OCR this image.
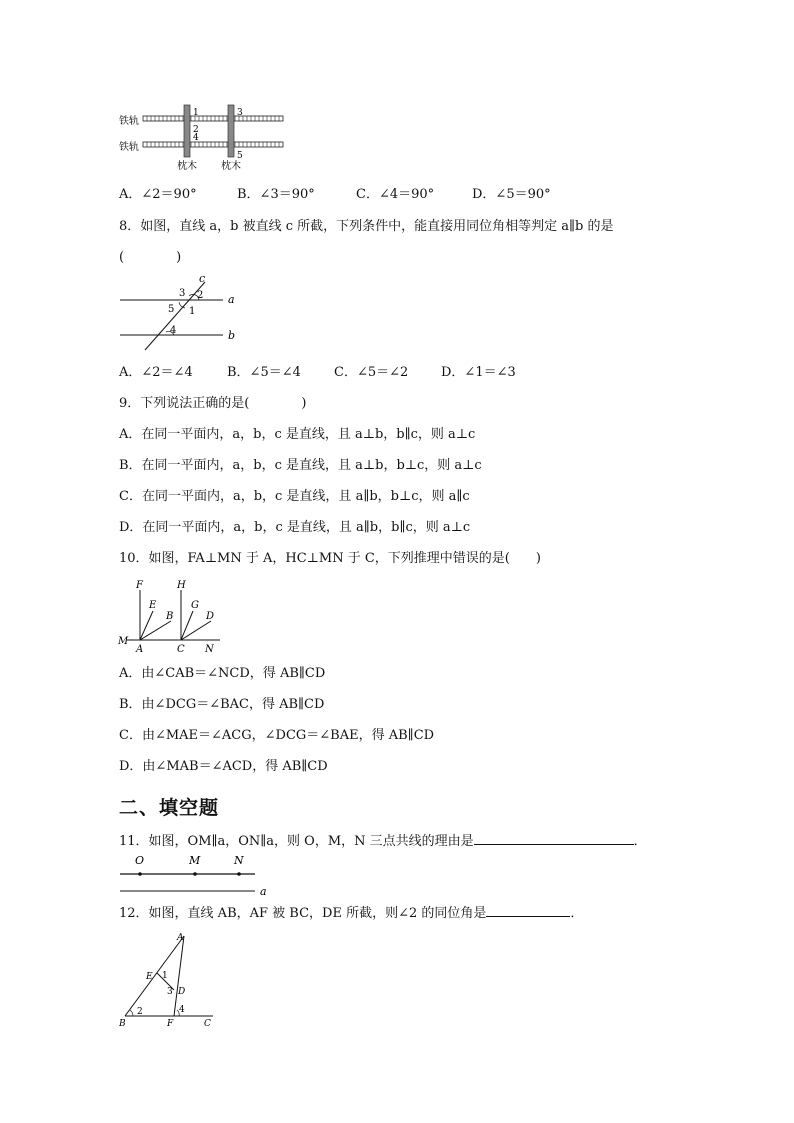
铁轨
铁轨
1
2
4
3
5
枕木 枕木
A．∠2＝90°	B．∠3＝90°	C．∠4＝90°	D．∠5＝90°
8．如图，直线 a，b 被直线 c 所截，下列条件中，能直接用同位角相等判定 a∥b 的是
(　　　　)
a
b
c
3 2
5 1
4
A．∠2＝∠4	B．∠5＝∠4	C．∠5＝∠2	D．∠1＝∠3
9．下列说法正确的是(　　　　)
A．在同一平面内，a，b，c 是直线，且 a⊥b，b∥c，则 a⊥c
B．在同一平面内，a，b，c 是直线，且 a⊥b，b⊥c，则 a⊥c
C．在同一平面内，a，b，c 是直线，且 a∥b，b⊥c，则 a∥c
D．在同一平面内，a，b，c 是直线，且 a∥b，b∥c，则 a⊥c
10．如图，FA⊥MN 于 A，HC⊥MN 于 C，下列推理中错误的是(　　)
F
E
B
H
G
D
M
A	C N
A．由∠CAB＝∠NCD，得 AB∥CD
B．由∠DCG＝∠BAC，得 AB∥CD
C．由∠MAE＝∠ACG，∠DCG＝∠BAE，得 AB∥CD
D．由∠MAB＝∠ACD，得 AB∥CD
二、填空题
11．如图，OM∥a，ON∥a，则 O，M，N 三点共线的理由是	．
O	M	N
a
12．如图，直线 AB，AF 被 BC，DE 所截，则∠2 的同位角是	．
A
E
D
B	F	C
1
3
2	4
